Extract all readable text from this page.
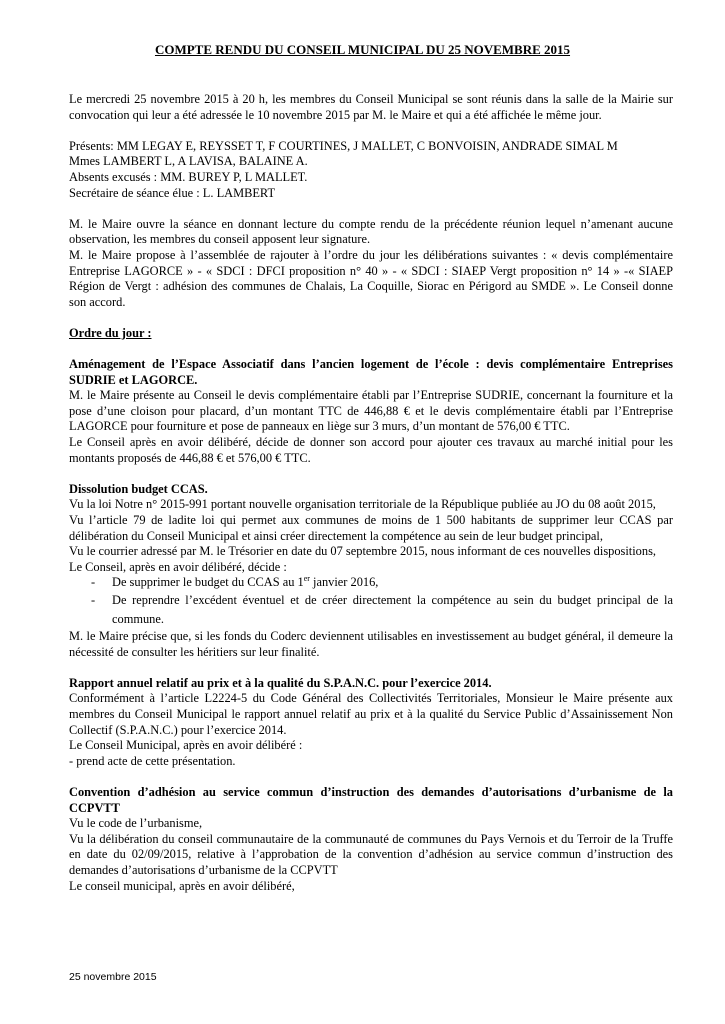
COMPTE RENDU DU CONSEIL MUNICIPAL DU 25 NOVEMBRE 2015

Le mercredi 25 novembre 2015 à 20 h, les membres du Conseil Municipal se sont réunis dans la salle de la Mairie sur convocation qui leur a été adressée le 10 novembre 2015 par M. le Maire et qui a été affichée le même jour.

Présents: MM LEGAY E, REYSSET T, F COURTINES, J MALLET, C BONVOISIN, ANDRADE SIMAL M

Mmes LAMBERT L, A LAVISA, BALAINE A.

Absents excusés : MM. BUREY P, L MALLET.

Secrétaire de séance élue : L. LAMBERT

M. le Maire ouvre la séance en donnant lecture du compte rendu de la précédente réunion lequel n’amenant aucune observation, les membres du conseil apposent leur signature.

M. le Maire propose à l’assemblée de rajouter à l’ordre du jour les délibérations suivantes : « devis complémentaire Entreprise LAGORCE » - « SDCI : DFCI proposition n° 40 » - « SDCI : SIAEP Vergt proposition n° 14 » -« SIAEP Région de Vergt : adhésion des communes de Chalais, La Coquille, Siorac en Périgord au SMDE ». Le Conseil donne son accord.

Ordre du jour :

Aménagement de l’Espace Associatif dans l’ancien logement de l’école : devis complémentaire Entreprises SUDRIE et LAGORCE.

M. le Maire présente au Conseil le devis complémentaire établi par l’Entreprise SUDRIE, concernant la fourniture et la pose d’une cloison pour placard, d’un montant TTC de 446,88 € et le devis complémentaire établi par l’Entreprise LAGORCE pour fourniture et pose de panneaux en liège sur 3 murs, d’un montant de 576,00 € TTC.

Le Conseil après en avoir délibéré, décide de donner son accord pour ajouter ces travaux au marché initial pour les montants proposés de 446,88 € et 576,00 € TTC.

Dissolution budget CCAS.

Vu la loi Notre n° 2015-991 portant nouvelle organisation territoriale de la République publiée au JO du 08 août 2015,

Vu l’article 79 de ladite loi qui permet aux communes de moins de 1 500 habitants de supprimer leur CCAS par délibération du Conseil Municipal et ainsi créer directement la compétence au sein de leur budget principal,

Vu le courrier adressé par M. le Trésorier en date du 07 septembre 2015, nous informant de ces nouvelles dispositions,

Le Conseil, après en avoir délibéré, décide :

- De supprimer le budget du CCAS au 1er janvier 2016,
- De reprendre l’excédent éventuel et de créer directement la compétence au sein du budget principal de la commune.

M. le Maire précise que, si les fonds du Coderc deviennent utilisables en investissement au budget général, il demeure la nécessité de consulter les héritiers sur leur finalité.

Rapport annuel relatif au prix et à la qualité du S.P.A.N.C. pour l’exercice 2014.

Conformément à l’article L2224-5 du Code Général des Collectivités Territoriales, Monsieur le Maire présente aux membres du Conseil Municipal le rapport annuel relatif au prix et à la qualité du Service Public d’Assainissement Non Collectif (S.P.A.N.C.) pour l’exercice 2014.

Le Conseil Municipal, après en avoir délibéré :

- prend acte de cette présentation.

Convention d’adhésion au service commun d’instruction des demandes d’autorisations d’urbanisme de la CCPVTT

Vu le code de l’urbanisme,

Vu la délibération du conseil communautaire de la communauté de communes du Pays Vernois et du Terroir de la Truffe en date du 02/09/2015, relative à l’approbation de la convention d’adhésion au service commun d’instruction des demandes d’autorisations d’urbanisme de la CCPVTT

Le conseil municipal, après en avoir délibéré,

25 novembre 2015
